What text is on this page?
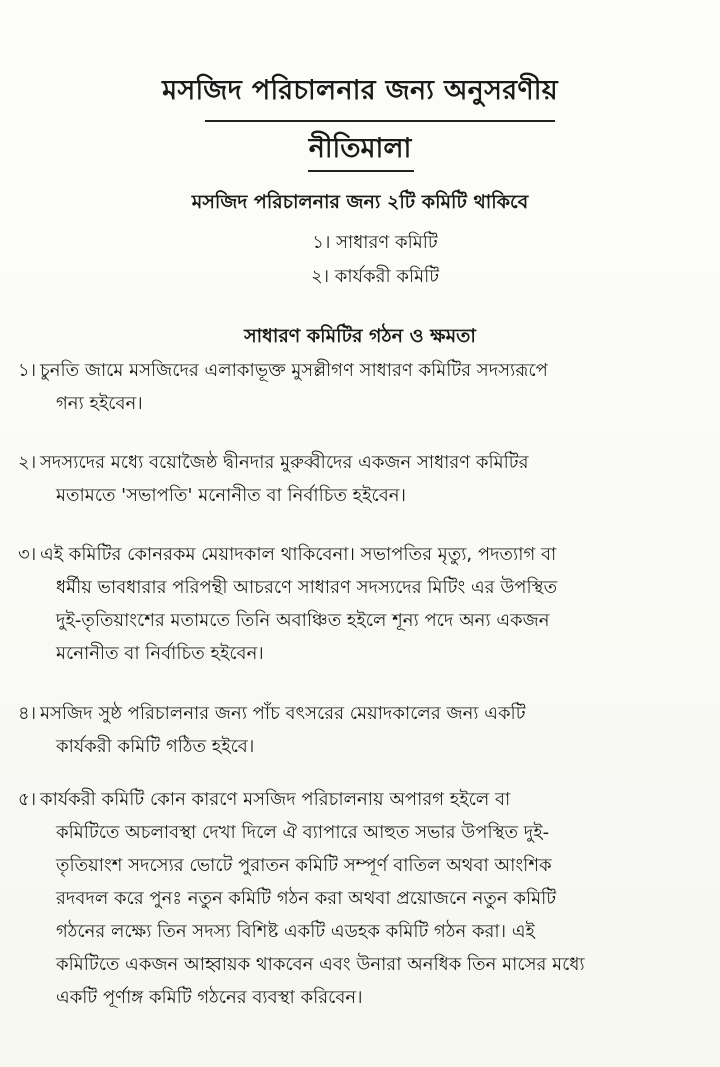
মসজিদ পরিচালনার জন্য অনুসরণীয়
নীতিমালা
মসজিদ পরিচালনার জন্য ২টি কমিটি থাকিবে
১। সাধারণ কমিটি
২। কার্যকরী কমিটি
সাধারণ কমিটির গঠন ও ক্ষমতা
১। চুনতি জামে মসজিদের এলাকাভূক্ত মুসল্লীগণ সাধারণ কমিটির সদস্যরূপে
গন্য হইবেন।
২। সদস্যদের মধ্যে বয়োজৈষ্ঠ দ্বীনদার মুরুব্বীদের একজন সাধারণ কমিটির
মতামতে 'সভাপতি' মনোনীত বা নির্বাচিত হইবেন।
৩। এই কমিটির কোনরকম মেয়াদকাল থাকিবেনা। সভাপতির মৃত্যু, পদত্যাগ বা
ধর্মীয় ভাবধারার পরিপন্থী আচরণে সাধারণ সদস্যদের মিটিং এর উপস্থিত
দুই-তৃতিয়াংশের মতামতে তিনি অবাঞ্চিত হইলে শূন্য পদে অন্য একজন
মনোনীত বা নির্বাচিত হইবেন।
৪। মসজিদ সুষ্ঠ পরিচালনার জন্য পাঁচ বৎসরের মেয়াদকালের জন্য একটি
কার্যকরী কমিটি গঠিত হইবে।
৫। কার্যকরী কমিটি কোন কারণে মসজিদ পরিচালনায় অপারগ হইলে বা
কমিটিতে অচলাবস্থা দেখা দিলে ঐ ব্যাপারে আহুত সভার উপস্থিত দুই-
তৃতিয়াংশ সদস্যের ভোটে পুরাতন কমিটি সম্পূর্ণ বাতিল অথবা আংশিক
রদবদল করে পুনঃ নতুন কমিটি গঠন করা অথবা প্রয়োজনে নতুন কমিটি
গঠনের লক্ষ্যে তিন সদস্য বিশিষ্ট একটি এডহক কমিটি গঠন করা। এই
কমিটিতে একজন আহ্বায়ক থাকবেন এবং উনারা অনধিক তিন মাসের মধ্যে
একটি পূর্ণাঙ্গ কমিটি গঠনের ব্যবস্থা করিবেন।
